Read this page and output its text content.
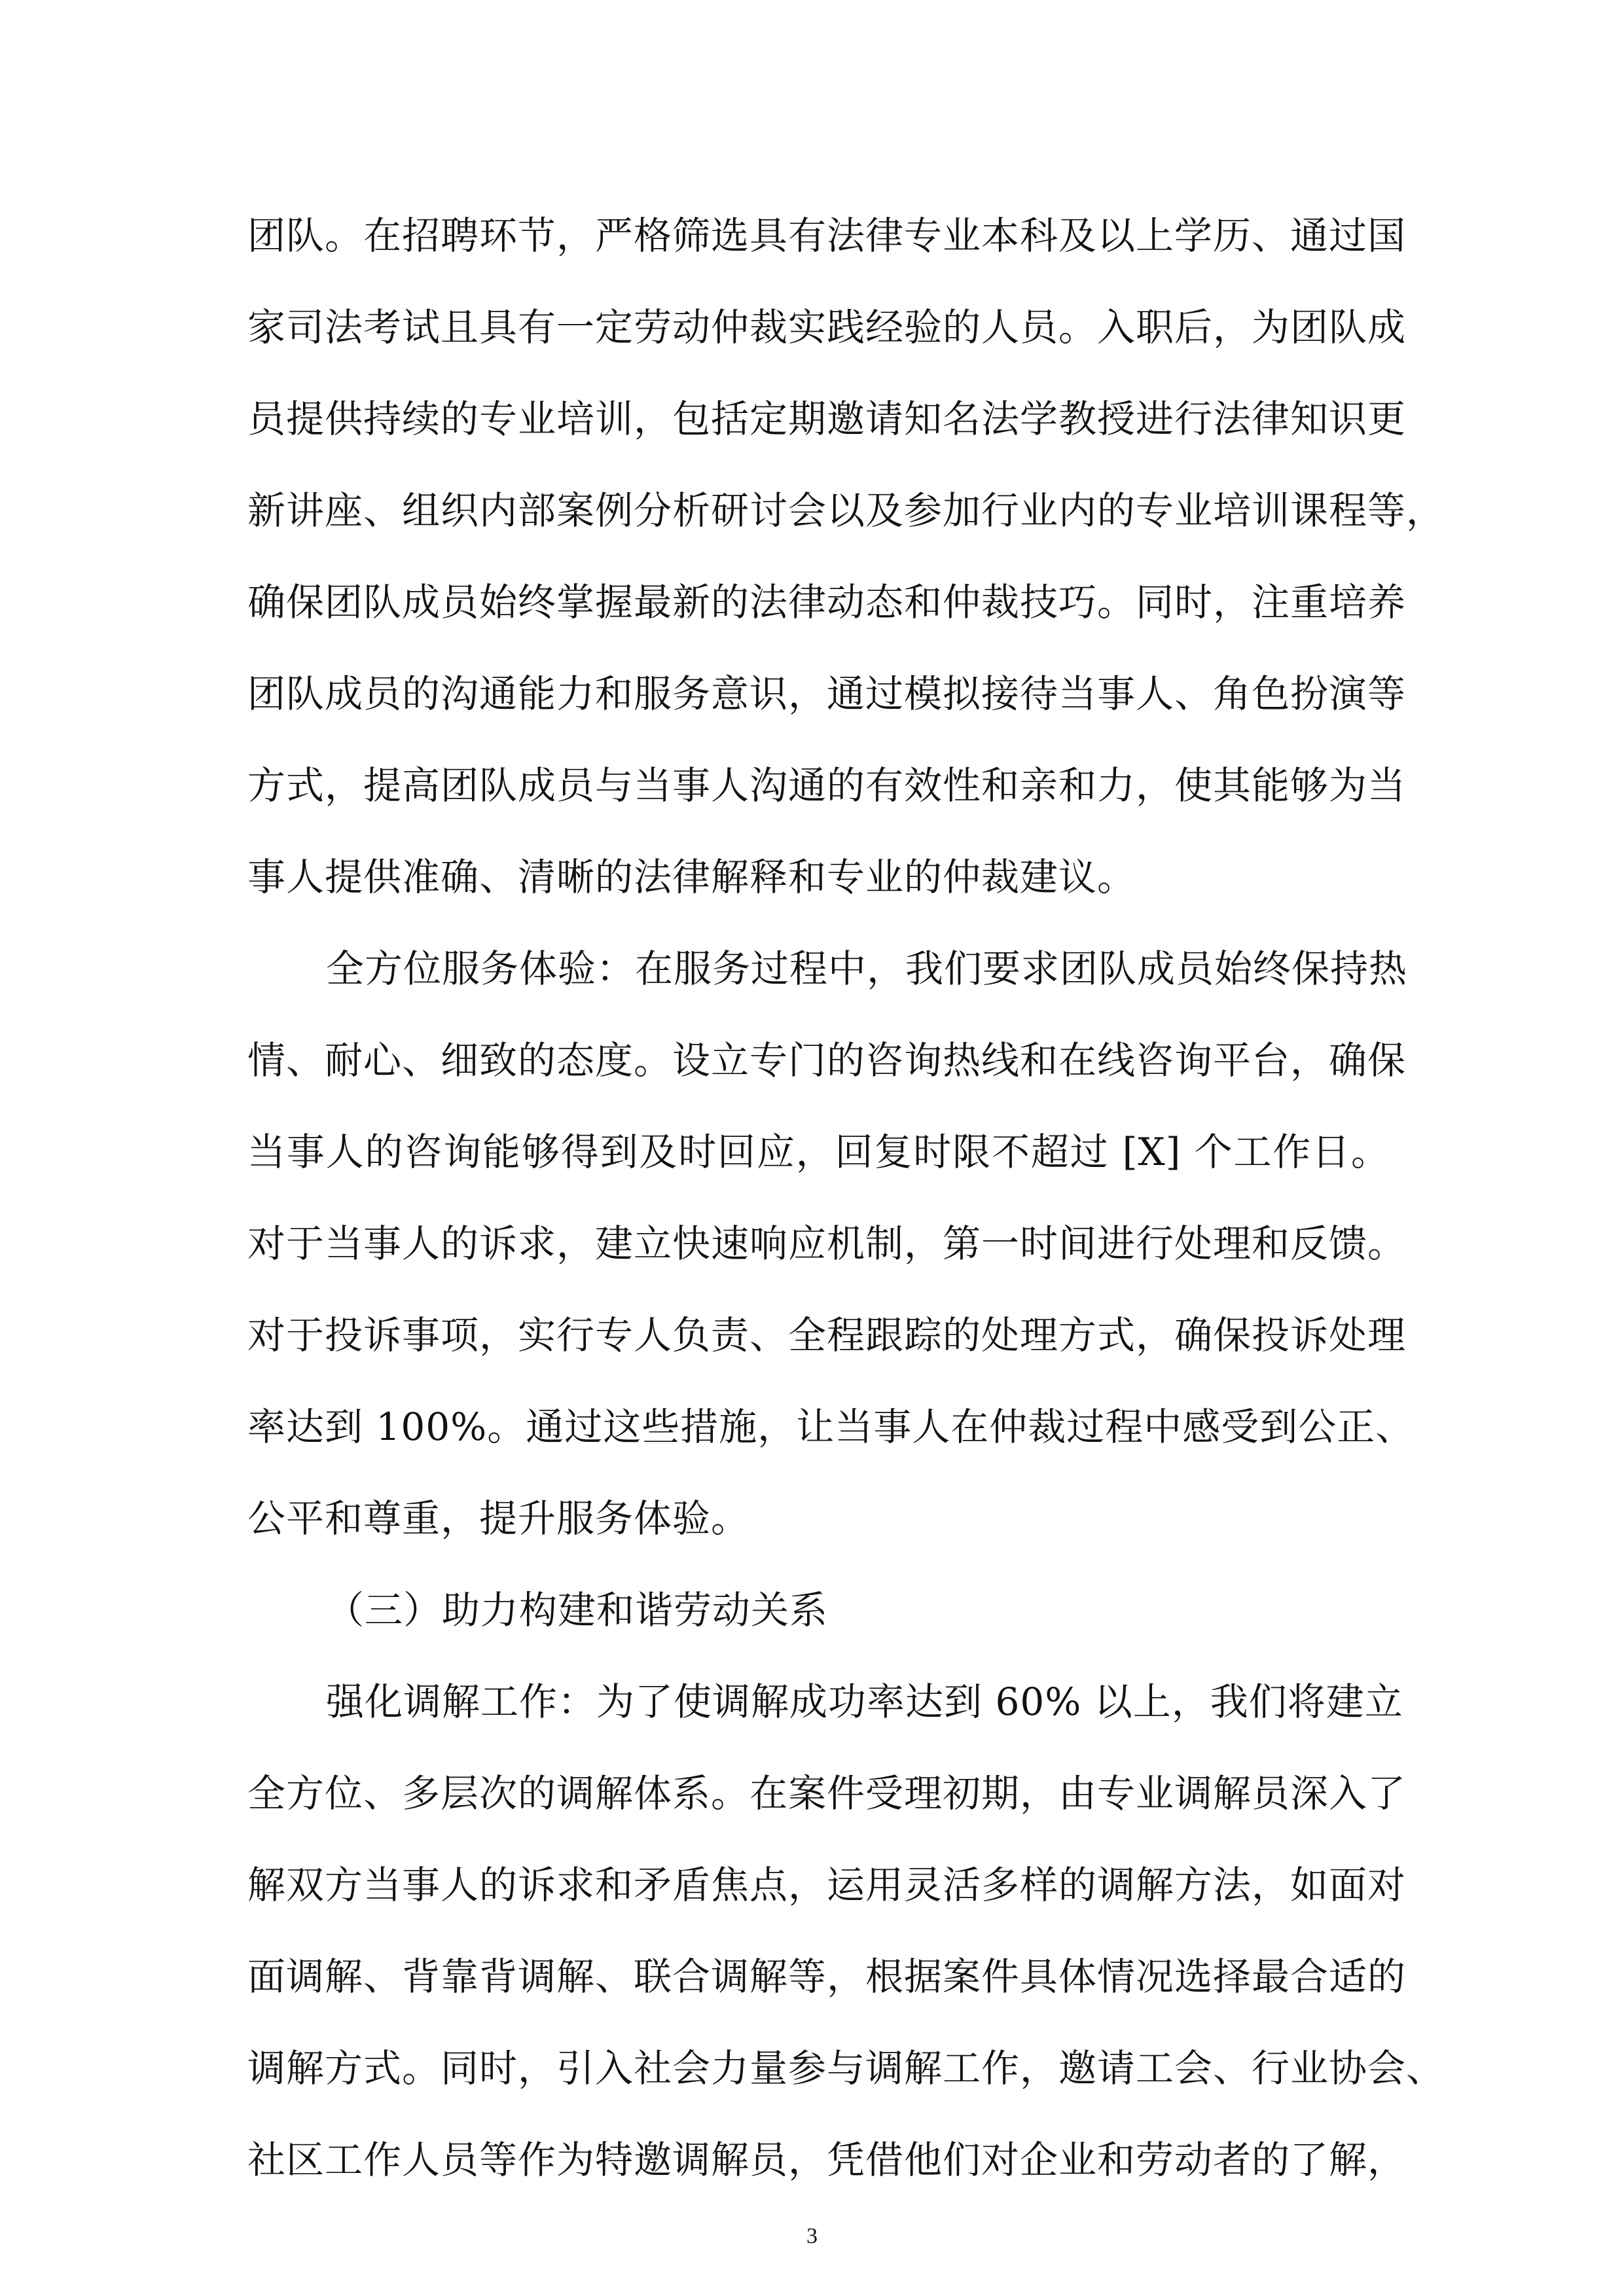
团队。在招聘环节，严格筛选具有法律专业本科及以上学历、通过国
家司法考试且具有一定劳动仲裁实践经验的人员。入职后，为团队成
员提供持续的专业培训，包括定期邀请知名法学教授进行法律知识更
新讲座、组织内部案例分析研讨会以及参加行业内的专业培训课程等，
确保团队成员始终掌握最新的法律动态和仲裁技巧。同时，注重培养
团队成员的沟通能力和服务意识，通过模拟接待当事人、角色扮演等
方式，提高团队成员与当事人沟通的有效性和亲和力，使其能够为当
事人提供准确、清晰的法律解释和专业的仲裁建议。
全方位服务体验：在服务过程中，我们要求团队成员始终保持热
情、耐心、细致的态度。设立专门的咨询热线和在线咨询平台，确保
当事人的咨询能够得到及时回应，回复时限不超过 [X] 个工作日。
对于当事人的诉求，建立快速响应机制，第一时间进行处理和反馈。
对于投诉事项，实行专人负责、全程跟踪的处理方式，确保投诉处理
率达到 100%。通过这些措施，让当事人在仲裁过程中感受到公正、
公平和尊重，提升服务体验。
（三）助力构建和谐劳动关系
强化调解工作：为了使调解成功率达到 60% 以上，我们将建立
全方位、多层次的调解体系。在案件受理初期，由专业调解员深入了
解双方当事人的诉求和矛盾焦点，运用灵活多样的调解方法，如面对
面调解、背靠背调解、联合调解等，根据案件具体情况选择最合适的
调解方式。同时，引入社会力量参与调解工作，邀请工会、行业协会、
社区工作人员等作为特邀调解员，凭借他们对企业和劳动者的了解，
3
